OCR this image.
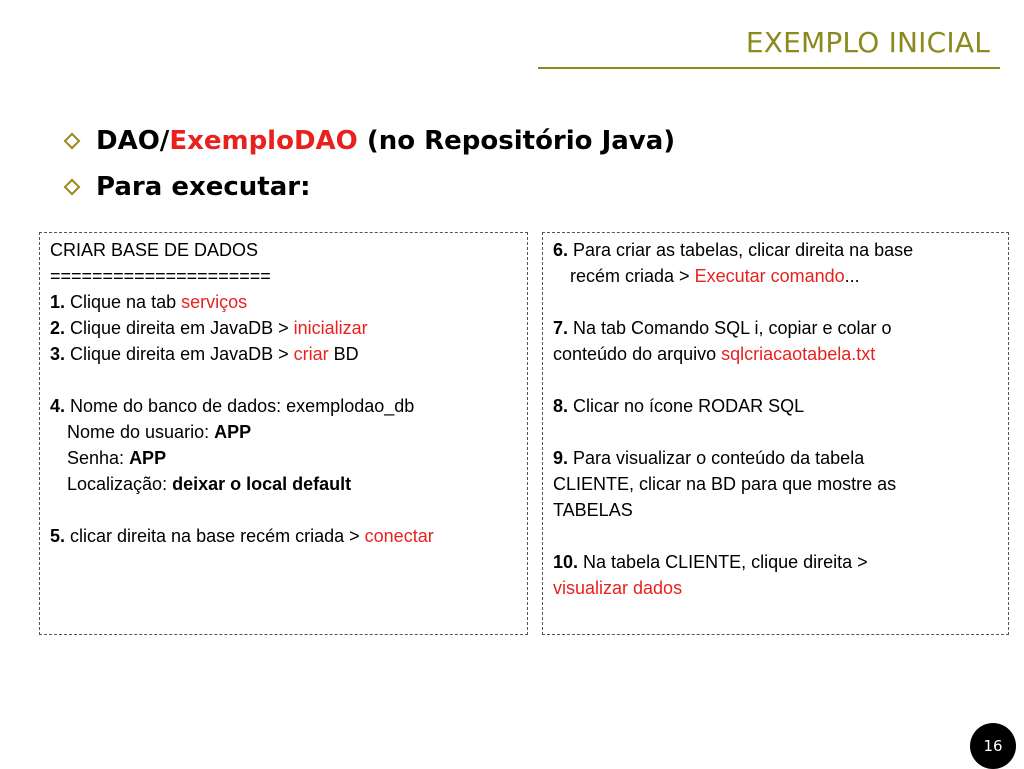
EXEMPLO INICIAL
DAO/ ExemploDAO (no Repositório Java)
Para executar:
CRIAR BASE DE DADOS
=====================
1. Clique na tab serviços
2. Clique direita em JavaDB > inicializar
3. Clique direita em JavaDB > criar BD
4. Nome do banco de dados: exemplodao_db
Nome do usuario: APP
Senha: APP
Localização: deixar o local default
5. clicar direita na base recém criada > conectar
6. Para criar as tabelas, clicar direita na base
recém criada > Executar comando...
7. Na tab Comando SQL i, copiar e colar o
conteúdo do arquivo sqlcriacaotabela.txt
8. Clicar no ícone RODAR SQL
9. Para visualizar o conteúdo da tabela
CLIENTE, clicar na BD para que mostre as
TABELAS
10. Na tabela CLIENTE, clique direita >
visualizar dados
16
